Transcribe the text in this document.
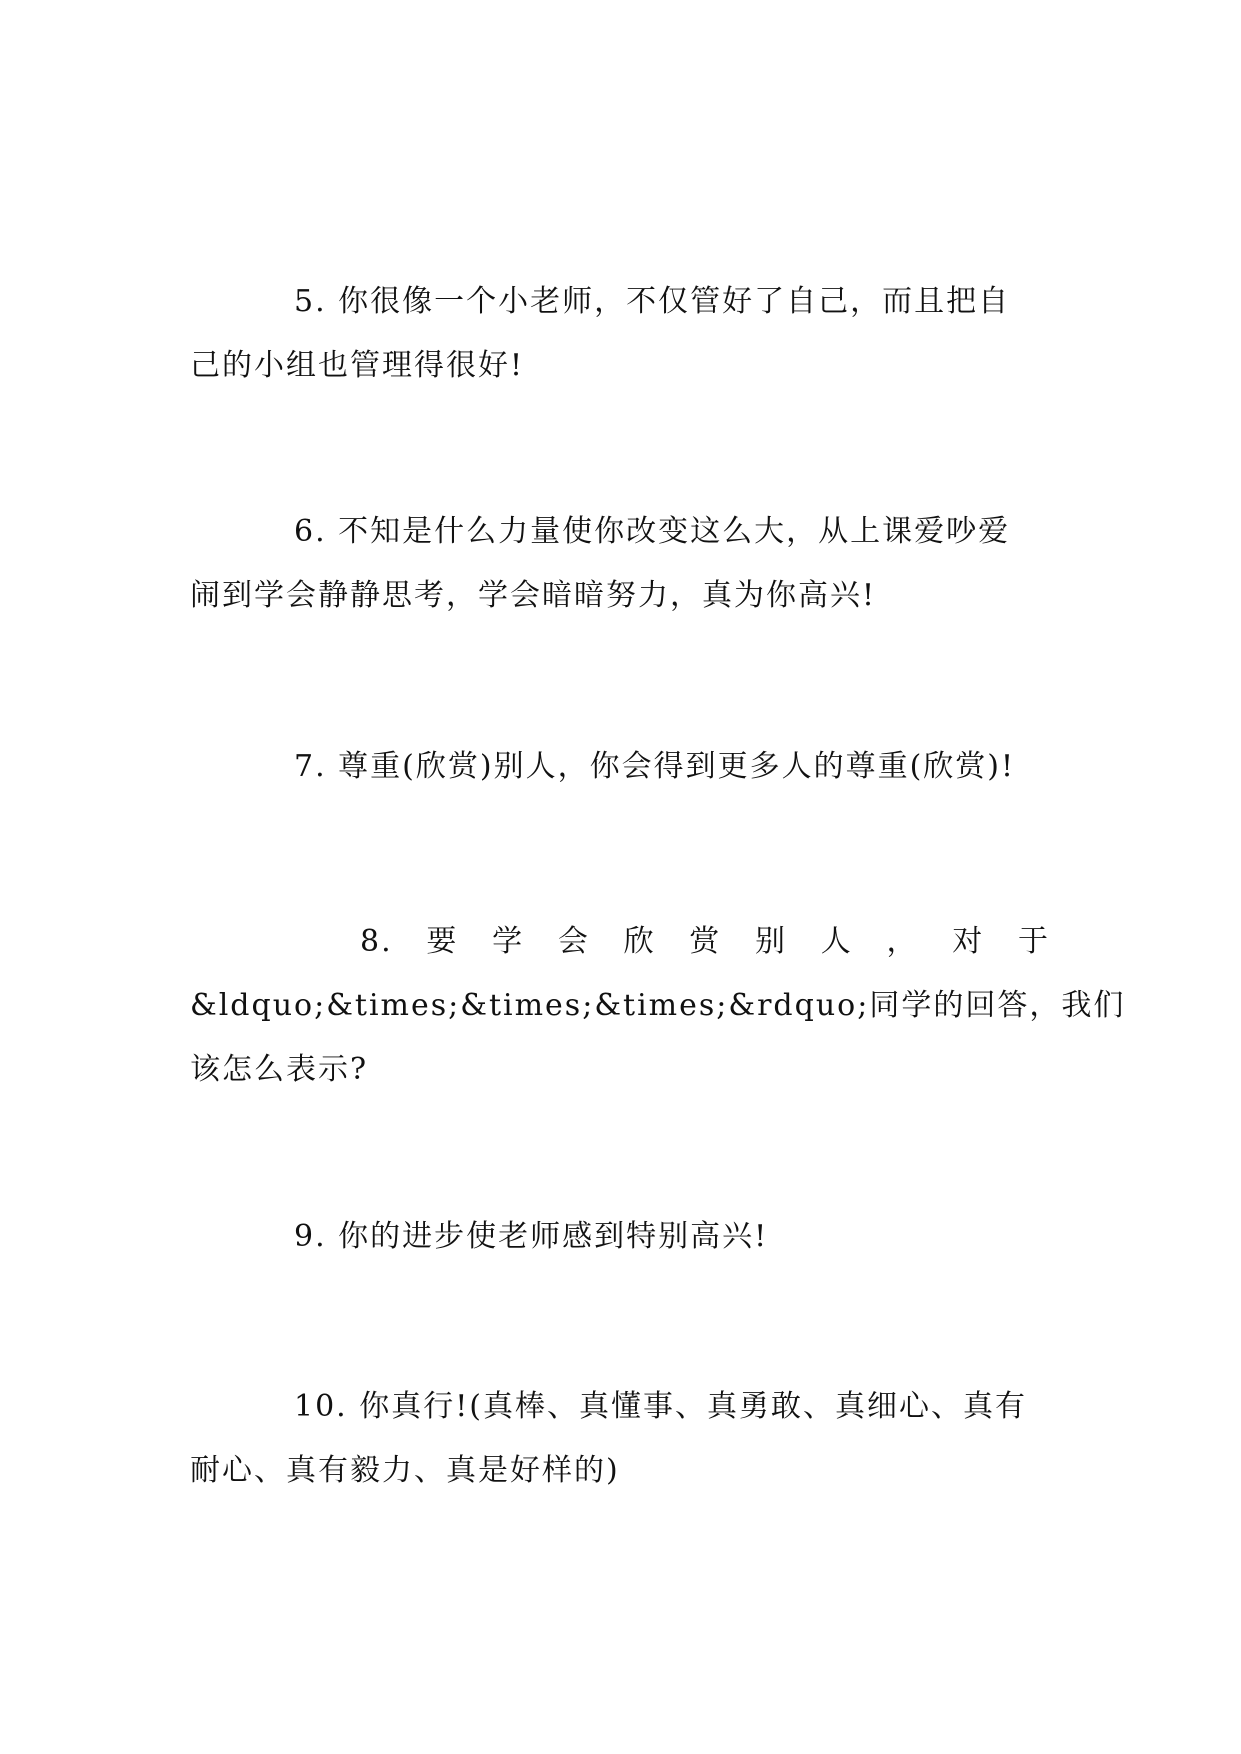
5. 你很像一个小老师，不仅管好了自己，而且把自
己的小组也管理得很好!
6. 不知是什么力量使你改变这么大，从上课爱吵爱
闹到学会静静思考，学会暗暗努力，真为你高兴!
7. 尊重(欣赏)别人，你会得到更多人的尊重(欣赏)!
8. 要 学 会 欣 赏 别 人 ， 对 于
&ldquo;&times;&times;&times;&rdquo;同学的回答，我们
该怎么表示?
9. 你的进步使老师感到特别高兴!
10. 你真行!(真棒、真懂事、真勇敢、真细心、真有
耐心、真有毅力、真是好样的)
